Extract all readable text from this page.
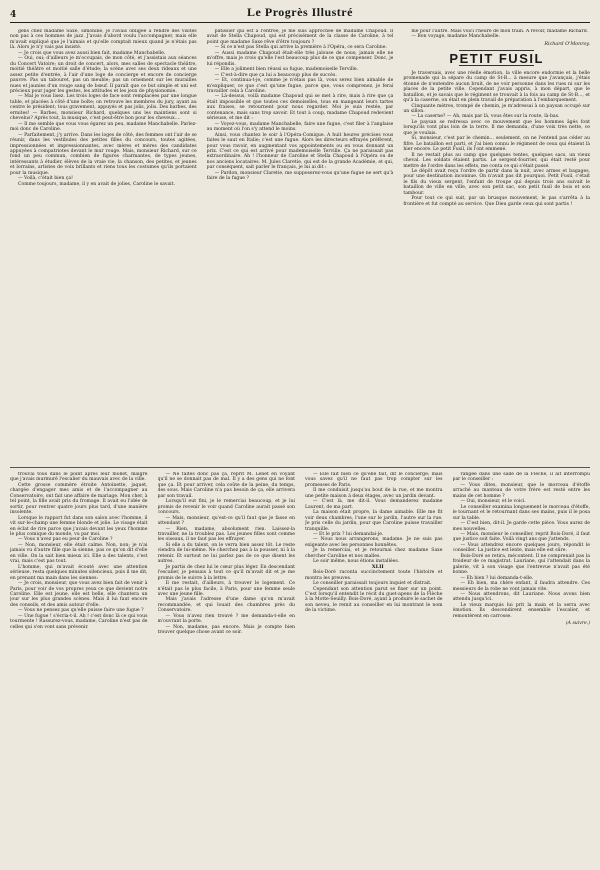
4	Le Progrès Illustré

gens chez madame Saxe, simonine, je l'avais obligée à rendre des visites non pas à ces hommes de jazz. J'avais d'abord voulu l'accompagner, mais elle m'avait expliqué que je l'aimais et qu'elle comptait mieux quand je n'étais pas là. Alors je n'y vais pas insisté.

— Je crois que vous avez aussi bien fait, madame Manchabelle.

— Oui, oui; d'ailleurs je m'occupais, de mon côté, et j'assistais aux séances du Concert Vatoire; un droit de concert, alors, mes salles de spectacle théâtre, moitié théâtre et moitié salle d'étude; la scène avec ses deux rideaux et une assez petite d'entrée, à l'air d'une loge de concierge et encore de concierge pauvre. Pas un tabouret, pas un meuble; pas un ornement sur les murailles nues et jaunies d'un rouge sang de bœuf. Il paraît que ce but simple et uni est précieux pour juger les gestes, les attitudes et les jeux de physionomie.

— Mal je vous lisez. Les trois loges de face sont remplacées par une longue table, et placées à côté d'une boîte; on retrouve les membres du jury, ayant au centre le président; tous gravement, appuyés et pas jolis, jolis. Des barbes, des ermites! — Barbes, monsieur Richard, quelques uns les maintiens sont si chevelus? Après tout, la musique, c'est peut-être bon pour les cheveux....

— Il me semble que vous vous égarez un peu, madame Manchabelle. Parlez-moi donc de Caroline.

— Parfaitement, j'y arrive. Dans les loges de côté, des femmes ont l'air de se réunir, dans les vestibules des petites filles du concours, toutes agitées, impressionnées et impressionnantes, avec mères et mères des candidates appuyées à compatriotes devant le mur rouge. Mais, monsieur Richard, sur ce fond un peu commun, combien de figures charmantes, de types jeunes, intéressants à étudier, élèves de la vraie vie, la chanson, des petites, et jeunes et lorrains, artistes de voix brillants et riens tous les costumes qu'ils portaient pour la musique.

— Voilà, c'était bien ça!

Comme toujours, madame, il y en avait de jolies, Caroline le savait.

pâtissier qui est à l'entrée, je me suis approchée de madame Chapoud. Il avait de Stella Chapoud, qui est précisément de la classe de Caroline, à tel point que madame Saxe rêve d'être toujours ?

— Si ce n'est pas Stella qui arrive la première à l'Opéra, ce sera Caroline.

— Aussi madame Chapoud était-elle très jalouse de nous; jamais elle ne m'offre, mais je crois qu'elle l'est beaucoup plus de ce que compenser. Donc, je lui répondis.

— Elle a joliment bien réussi sa fugue, mademoiselle Terville.

— C'est-à-dire que ça lui a beaucoup plus de succès.

— Et, continua-t-je, comme je n'étais pas là, vous serez bien aimable de m'expliquer, ce que c'est qu'une fugue, parce que, vous comprenez, je ferai travailler cela à Caroline.

— Là-dessus, voilà madame Chapoud qui se met à rire, mais à rire que ça était impossible et que toutes ces demoiselles, tous en mangeant leurs tartes aux fraises, se retournent pour nous regarder. Moi je suis restée, par contenance, mais sans trop savoir. Et tout à coup, madame Chapoud redevient sérieuse, et me dit :

— Voyez-vous, madame Manchabelle, faire une fugue, c'est filer à l'anglaise au moment où l'on s'y attend le moins.

Ainsi, vous chantez le soir à l'Opéra-Comique. A huit heures précises vous faites le saut en Italie; c'est une fugue. Alors les directeurs effrayés préfèrent, pour vous ravoir, en augmentant vos appointements ou en vous donnant un prix. C'est ce qui est arrivé pour mademoiselle Terville. Ça ne paraissait pas extraordinaire. Ah ! l'honneur de Caroline et Stella Chapoud à l'Opéra ou de nos anciens locataires. M. Jules Claretie, qui est de la grande Académie, et qui, par conséquent, sait parler le français, je lui ai dit :

— Pardon, monsieur Claretie, me supposerez-vous qu'une fugue ne sert qu'à faire de la fugue ?

me pour l'autre. Mais voici l'heure de mon train. À revoir, madame Richard.

— Bon voyage, madame Manchabelle.

Richard O'Monroy.
PETIT FUSIL

Je traversais, avec une réelle émotion, la ville encore endormie et la belle promenade qui la sépare du camp de St-B... à mesure que j'avançais, j'étais étonné de n'entendre aucun bruit, de ne voir personne dans les rues ni sur les places de la petite ville. Cependant j'avais appris, à mon départ, que le bataillon, et je savais que le régiment se trouvait à la fois au camp de St-B..., et qu'à la caserne, on était en plein travail de préparation à l'embarquement.

Cinquante mètres, trompé de chemin, je m'adressai à un paysan occupé sur un sillon.

— La caserne? — Ah, mais par là, vous êtes sur la route, là-bas.

Le paysan se redressa avec ce mouvement que les hommes âgés font lorsqu'ils vont plus loin de la terre. Il me demanda, d'une voix très nette, ce que je voulais.

Si, monsieur, c'est par le chemin... seulement, on ne l'entend pas céder au fifre. Le bataillon est parti, et j'ai bien connu le régiment de ceux qui étaient là hier encore. Le petit Fusil, ils l'ont emmené.

Il ne restait plus au camp que quelques tentes, quelques sacs, un vieux cheval. Les soldats étaient partis. Le sergent-fourrier, qui était resté pour mettre de l'ordre dans les effets, me conta ce qui s'était passé.

Le dépôt avait reçu l'ordre de partir dans la nuit, avec armes et bagages, pour une destination inconnue. On n'avait pas dit pourquoi. Petit Fusil, c'était le fils du vieux sergent, l'enfant de troupe qui depuis trois ans suivait le bataillon de ville en ville, avec son petit sac, son petit fusil de bois et son tambour.

Pour tout ce qui suit, par un brusque mouvement, le pas s'arrêta à la frontière et fut compté au service. Que Dieu garde ceux qui sont partis !

trouvai tous dans le point après leur mollet, malgré que j'avais murmuré l'escalier du mauvais avec de la ville.

Cette grosse commère étroite Antoinette, jaquet, chargée d'engager mes amis et de l'accompagner au Conservatoire, ont fait une affaire de mariage. Mon cher, à tel point, la fille avait pris du fromage. Il avait eu l'idée de sortir, pour rentrer quatre jours plus tard, d'une manière insolente.

Lorsque le rapport fut dans son salon avec l'homme, il vit sur-le-champ une femme blonde et jolie. Le visage était en éclat de rire parce que j'avais devant les yeux l'homme le plus comique du monde, vu par moi.

— Vous n'avez pas eu peur de Caroline ?

— Non, monsieur, elle était calme. Non, non; je n'ai jamais vu d'autre fille que la sienne, pas ce qu'on dit d'elle en ville. On la sait bien mieux ici. Elle a des talents, c'est vrai, mais c'est pas tout.

L'homme, qui m'avait écouté avec une attention sérieuse, resta quelques minutes silencieux, puis il me dit, en prenant ma main dans les siennes:

— Je crois, monsieur, que vous avez bien fait de venir à Paris, pour voir de vos propres yeux ce que devient notre Caroline. Elle est jeune, elle est belle, elle chantera un jour sur les plus grandes scènes. Mais il lui faut encore des conseils, et des amis autour d'elle.

— Vous ne pensez pas qu'elle puisse faire une fugue ?

— Une fugue ! s'écria-t-il. Ah ! c'est donc là ce qui vous tourmente ! Rassurez-vous, madame, Caroline n'est pas de celles qui s'en vont sans prévenir.

— Ne faites donc pas ça, reprit M. Lenet en voyant qu'il ne se donnait pas de mal. Il y a des gens qui ne font que ça. Et pour arriver, cela coûte de la peine, du temps, des sous. Mais Caroline n'a pas besoin de ça, elle arrivera par son travail.

Lorsqu'il eut fini, je le remerciai beaucoup, et je lui promis de revenir le voir quand Caroline aurait passé son concours.

— Mais, monsieur, qu'est-ce qu'il faut que je fasse en attendant ?

— Rien, madame, absolument rien. Laissez-la travailler, ne la troublez pas. Les jeunes filles sont comme les oiseaux, il ne faut pas les effrayer.

Si elle a du talent, on le verra bien assez tôt. Le reste viendra de lui-même. Ne cherchez pas à la pousser, ni à la retenir. Et surtout ne lui parlez pas de ce que disent les autres.

Je partis de chez lui le cœur plus léger. En descendant l'escalier, je pensais à tout ce qu'il m'avait dit et je me promis de le suivre à la lettre.

Il me restait, d'ailleurs, à trouver le logement. Ce n'était pas le plus facile, à Paris, pour une femme seule avec une jeune fille.

Mais j'avais l'adresse d'une dame qu'on m'avait recommandée, et qui louait des chambres près du Conservatoire.

— Vous n'avez rien trouvé ? me demanda-t-elle en m'ouvrant la porte.

— Non, madame, pas encore. Mais je compte bien trouver quelque chose avant ce soir.

— Elle fait bien ce qu'elle fait, dit le concierge; mais vous savez qu'il ne faut pas trop compter sur les promesses de Paris.

Il me conduisit jusqu'au bout de la rue, et me montra une petite maison à deux étages, avec un jardin devant.

— C'est là, me dit-il. Vous demanderez madame Laurent, de ma part.

La maison était propre, la dame aimable. Elle me fit voir deux chambres, l'une sur le jardin, l'autre sur la rue. Je pris celle du jardin, pour que Caroline puisse travailler tranquille.

— Et le prix ? lui demandai-je.

— Nous nous arrangerons, madame. Je ne suis pas exigeante avec les personnes honnêtes.

Je la remerciai, et je retournai chez madame Saxe chercher Caroline et nos malles.

Le soir même, nous étions installées.

XLII

Bois-Doré raconta succinctement toute l'histoire et montra les preuves.

Le conseiller paraissait toujours inquiet et distrait.

Cependant son attention parut se fixer sur un point. C'est lorsqu'il entendit le récit du guet-apens de la Flèche à la Motte-Seuilly. Bois-Doré, ayant à produire le sachet de son neveu, le remit au conseiller en lui montrant le nom de la victime.

rangée dans une salle de la Flèche, il ait interrompu par le conseiller :

— Vous dites, monsieur, que le morceau d'étoffe arraché au manteau de votre frère est resté entre les mains de cet homme ?

— Oui, monsieur, et le voici.

Le conseiller examina longuement le morceau d'étoffe, le tournant et le retournant dans ses mains, puis il le posa sur la table.

— C'est bien, dit-il. Je garde cette pièce. Vous aurez de mes nouvelles.

— Mais, monsieur le conseiller, reprit Bois-Doré, il faut que justice soit faite. Voilà vingt ans que j'attends.

— Vous attendrez encore quelques jours, répondit le conseiller. La justice est lente, mais elle est sûre.

Bois-Doré se retira, mécontent. Il ne comprenait pas la froideur de ce magistrat. Lauriane, qui l'attendait dans la galerie, vit à son visage que l'entrevue n'avait pas été bonne.

— Eh bien ? lui demanda-t-elle.

— Eh bien, ma chère enfant, il faudra attendre. Ces messieurs de la robe ne vont jamais vite.

— Nous attendrons, dit Lauriane. Nous avons bien attendu jusqu'ici.

Le vieux marquis lui prit la main et la serra avec émotion. Ils descendirent ensemble l'escalier, et remontèrent en carrosse.

(A suivre.)
